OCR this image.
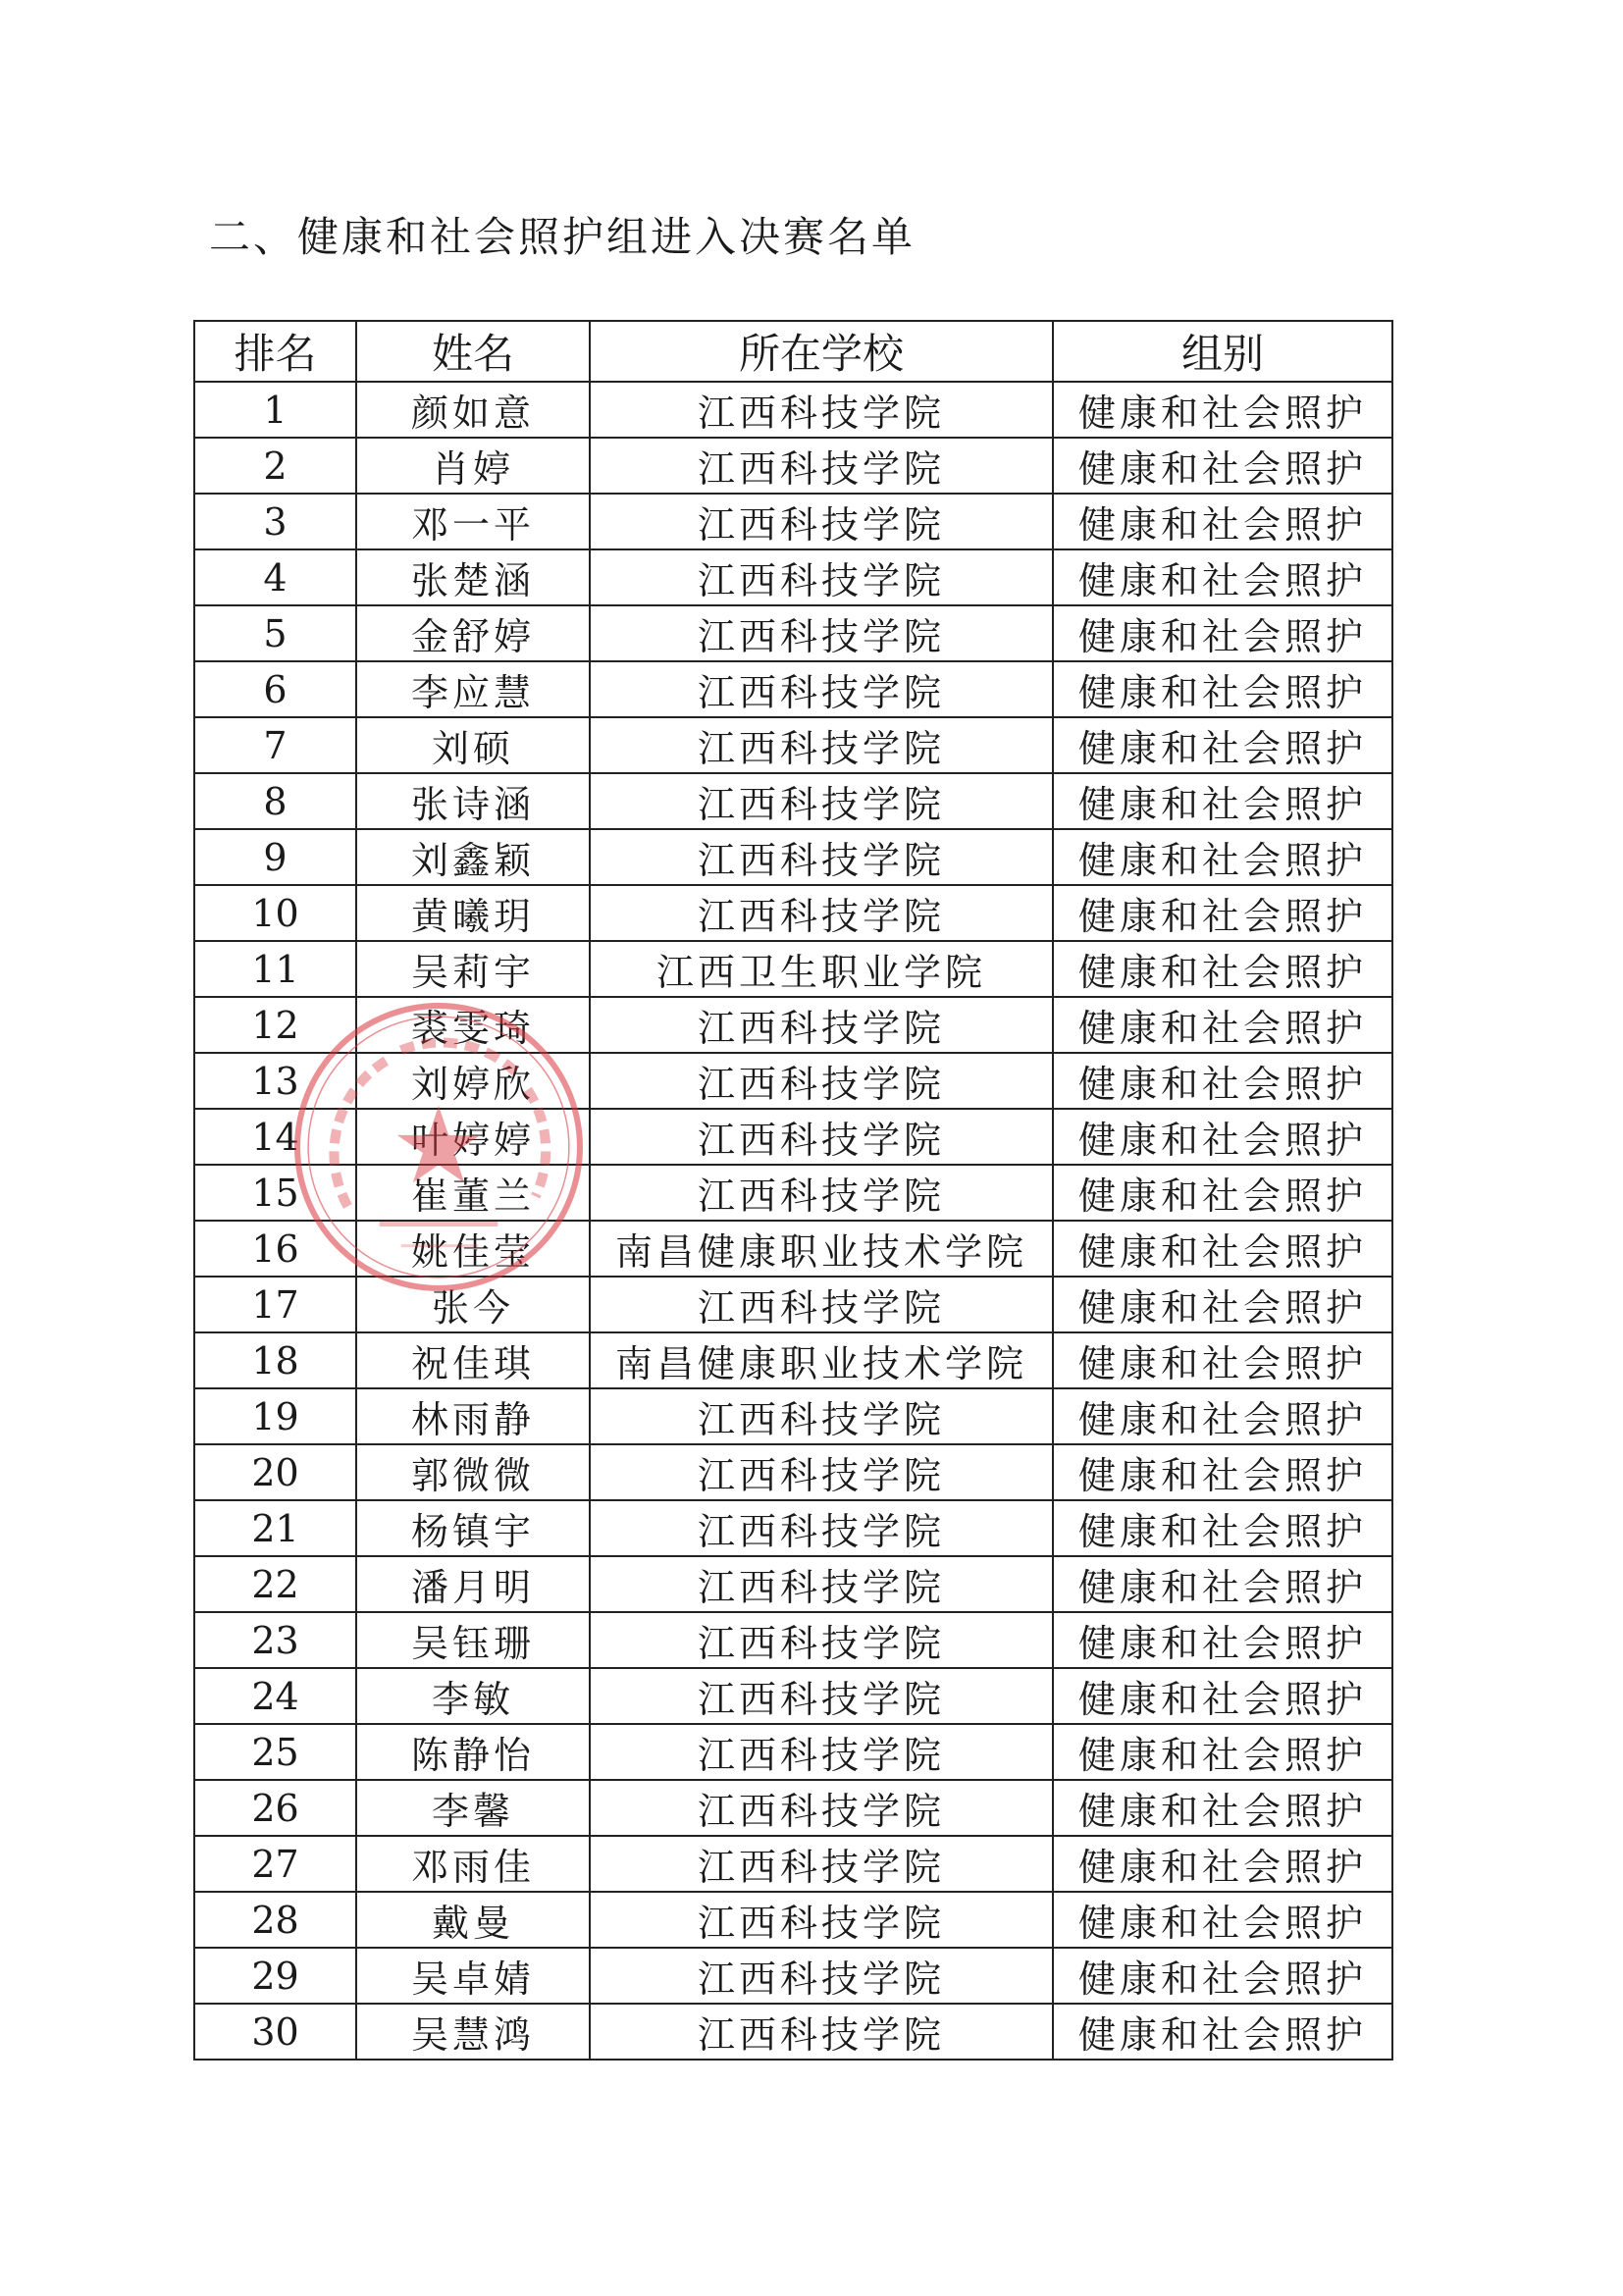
二、健康和社会照护组进入决赛名单
排名	姓名	所在学校	组别
1	颜如意	江西科技学院	健康和社会照护
2	肖婷	江西科技学院	健康和社会照护
3	邓一平	江西科技学院	健康和社会照护
4	张楚涵	江西科技学院	健康和社会照护
5	金舒婷	江西科技学院	健康和社会照护
6	李应慧	江西科技学院	健康和社会照护
7	刘硕	江西科技学院	健康和社会照护
8	张诗涵	江西科技学院	健康和社会照护
9	刘鑫颖	江西科技学院	健康和社会照护
10	黄曦玥	江西科技学院	健康和社会照护
11	吴莉宇	江西卫生职业学院	健康和社会照护
12	裘雯琦	江西科技学院	健康和社会照护
13	刘婷欣	江西科技学院	健康和社会照护
14	叶婷婷	江西科技学院	健康和社会照护
15	崔董兰	江西科技学院	健康和社会照护
16	姚佳莹	南昌健康职业技术学院	健康和社会照护
17	张今	江西科技学院	健康和社会照护
18	祝佳琪	南昌健康职业技术学院	健康和社会照护
19	林雨静	江西科技学院	健康和社会照护
20	郭微微	江西科技学院	健康和社会照护
21	杨镇宇	江西科技学院	健康和社会照护
22	潘月明	江西科技学院	健康和社会照护
23	吴钰珊	江西科技学院	健康和社会照护
24	李敏	江西科技学院	健康和社会照护
25	陈静怡	江西科技学院	健康和社会照护
26	李馨	江西科技学院	健康和社会照护
27	邓雨佳	江西科技学院	健康和社会照护
28	戴曼	江西科技学院	健康和社会照护
29	吴卓婧	江西科技学院	健康和社会照护
30	吴慧鸿	江西科技学院	健康和社会照护
